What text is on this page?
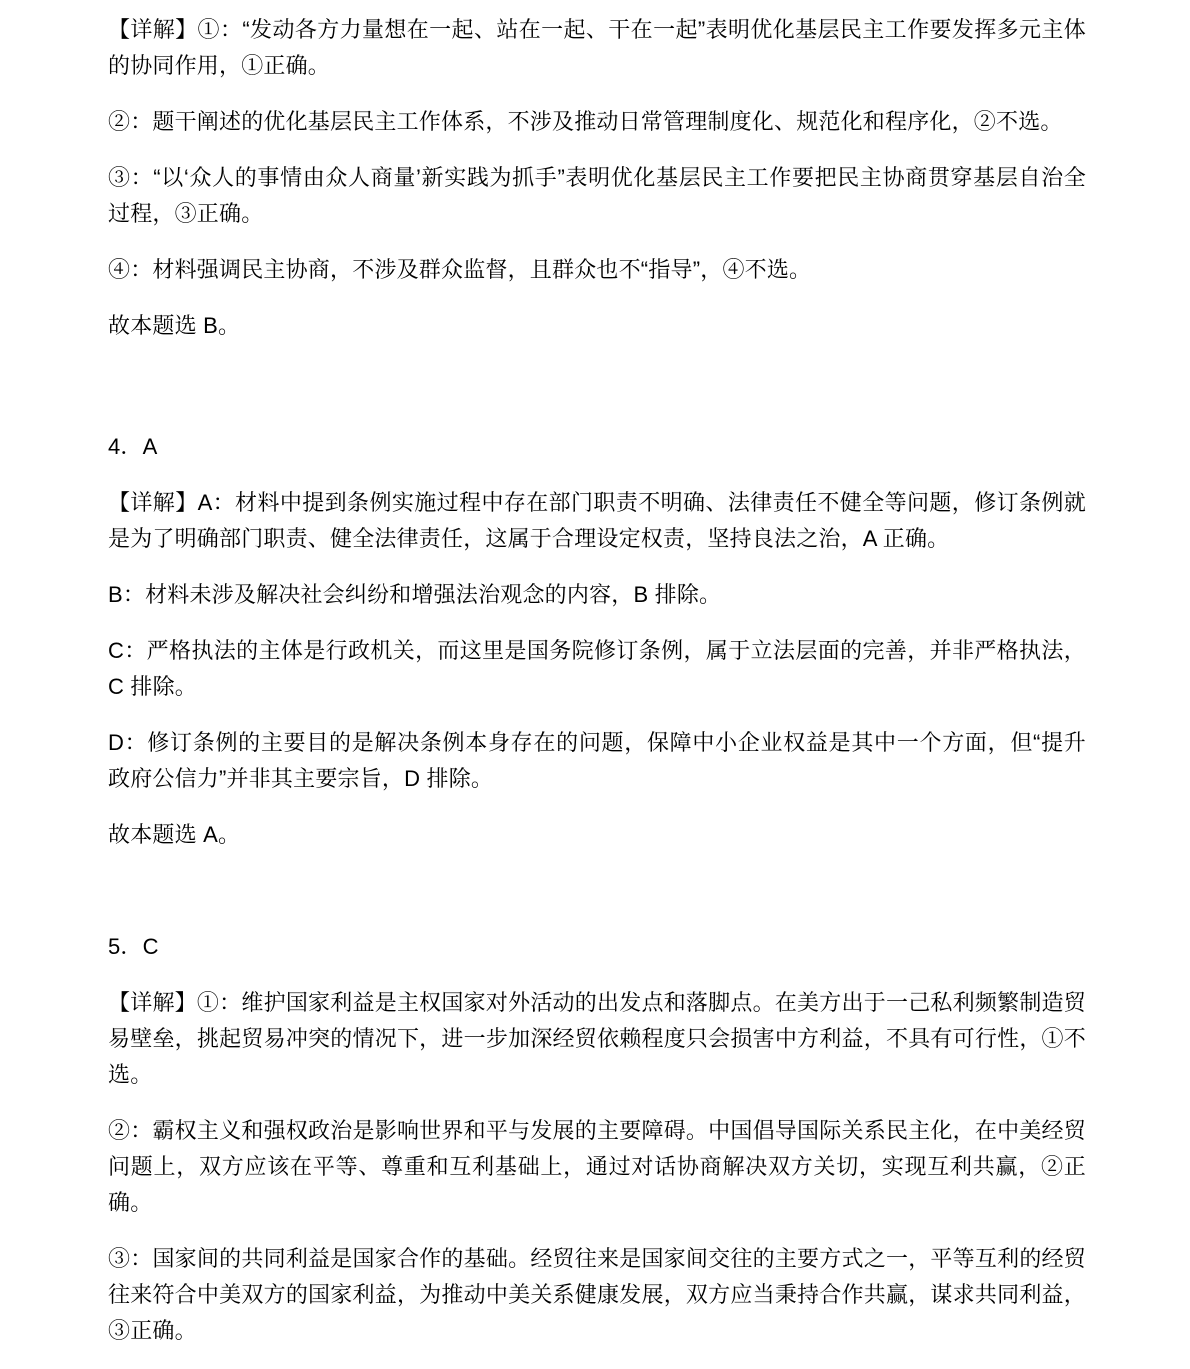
【详解】①：“发动各方力量想在一起、站在一起、干在一起”表明优化基层民主工作要发挥多元主体的协同作用，①正确。

②：题干阐述的优化基层民主工作体系，不涉及推动日常管理制度化、规范化和程序化，②不选。

③：“以‘众人的事情由众人商量’新实践为抓手”表明优化基层民主工作要把民主协商贯穿基层自治全过程，③正确。

④：材料强调民主协商，不涉及群众监督，且群众也不“指导”，④不选。

故本题选 B。

4．A

【详解】A：材料中提到条例实施过程中存在部门职责不明确、法律责任不健全等问题，修订条例就是为了明确部门职责、健全法律责任，这属于合理设定权责，坚持良法之治，A 正确。

B：材料未涉及解决社会纠纷和增强法治观念的内容，B 排除。

C：严格执法的主体是行政机关，而这里是国务院修订条例，属于立法层面的完善，并非严格执法，C 排除。

D：修订条例的主要目的是解决条例本身存在的问题，保障中小企业权益是其中一个方面，但“提升政府公信力”并非其主要宗旨，D 排除。

故本题选 A。

5．C

【详解】①：维护国家利益是主权国家对外活动的出发点和落脚点。在美方出于一己私利频繁制造贸易壁垒，挑起贸易冲突的情况下，进一步加深经贸依赖程度只会损害中方利益，不具有可行性，①不选。

②：霸权主义和强权政治是影响世界和平与发展的主要障碍。中国倡导国际关系民主化，在中美经贸问题上，双方应该在平等、尊重和互利基础上，通过对话协商解决双方关切，实现互利共赢，②正确。

③：国家间的共同利益是国家合作的基础。经贸往来是国家间交往的主要方式之一，平等互利的经贸往来符合中美双方的国家利益，为推动中美关系健康发展，双方应当秉持合作共赢，谋求共同利益，③正确。
